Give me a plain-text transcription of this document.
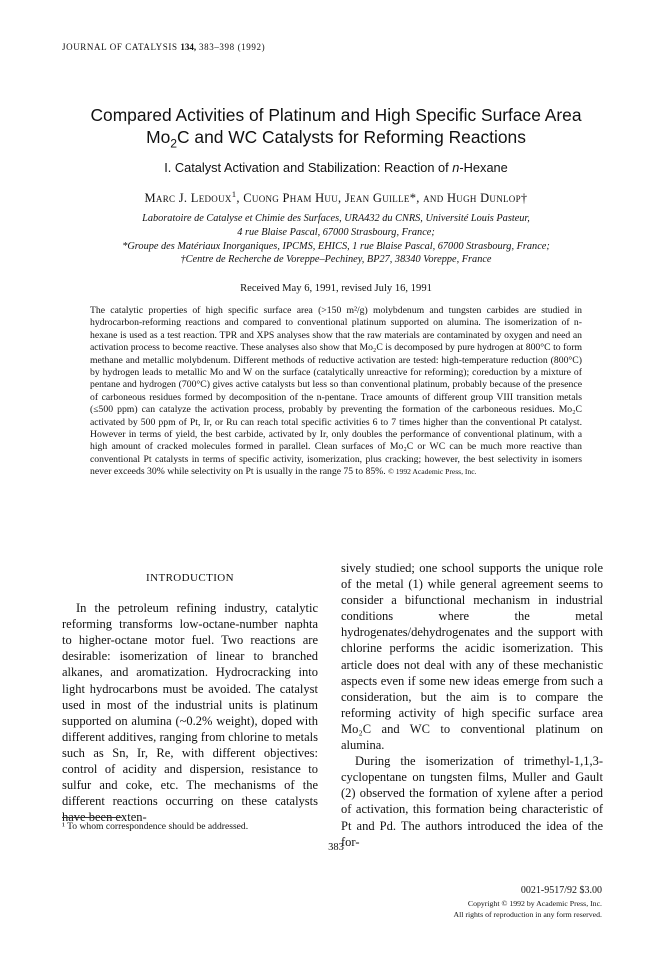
JOURNAL OF CATALYSIS 134, 383–398 (1992)
Compared Activities of Platinum and High Specific Surface Area
$Mo_2C$ and WC Catalysts for Reforming Reactions
I. Catalyst Activation and Stabilization: Reaction of n-Hexane
Marc J. Ledoux$^1$, Cuong Pham Huu, Jean Guille*, and Hugh Dunlop†
Laboratoire de Catalyse et Chimie des Surfaces, URA432 du CNRS, Université Louis Pasteur,
4 rue Blaise Pascal, 67000 Strasbourg, France;
*Groupe des Matériaux Inorganiques, IPCMS, EHICS, 1 rue Blaise Pascal, 67000 Strasbourg, France;
†Centre de Recherche de Voreppe–Pechiney, BP27, 38340 Voreppe, France
Received May 6, 1991, revised July 16, 1991
The catalytic properties of high specific surface area (>150 m²/g) molybdenum and tungsten carbides are studied in hydrocarbon-reforming reactions and compared to conventional platinum supported on alumina. The isomerization of n-hexane is used as a test reaction. TPR and XPS analyses show that the raw materials are contaminated by oxygen and need an activation process to become reactive. These analyses also show that Mo₂C is decomposed by pure hydrogen at 800°C to form methane and metallic molybdenum. Different methods of reductive activation are tested: high-temperature reduction (800°C) by hydrogen leads to metallic Mo and W on the surface (catalytically unreactive for reforming); coreduction by a mixture of pentane and hydrogen (700°C) gives active catalysts but less so than conventional platinum, probably because of the presence of carboneous residues formed by decomposition of the n-pentane. Trace amounts of different group VIII transition metals (≤500 ppm) can catalyze the activation process, probably by preventing the formation of the carboneous residues. Mo₂C activated by 500 ppm of Pt, Ir, or Ru can reach total specific activities 6 to 7 times higher than the conventional Pt catalyst. However in terms of yield, the best carbide, activated by Ir, only doubles the performance of conventional platinum, with a high amount of cracked molecules formed in parallel. Clean surfaces of Mo₂C or WC can be much more reactive than conventional Pt catalysts in terms of specific activity, isomerization, plus cracking; however, the best selectivity in isomers never exceeds 30% while selectivity on Pt is usually in the range 75 to 85%. © 1992 Academic Press, Inc.
INTRODUCTION

In the petroleum refining industry, catalytic reforming transforms low-octane-number naphta to higher-octane motor fuel. Two reactions are desirable: isomerization of linear to branched alkanes, and aromatization. Hydrocracking into light hydrocarbons must be avoided. The catalyst used in most of the industrial units is platinum supported on alumina (~0.2% weight), doped with different additives, ranging from chlorine to metals such as Sn, Ir, Re, with different objectives: control of acidity and dispersion, resistance to sulfur and coke, etc. The mechanisms of the different reactions occurring on these catalysts have been exten-

sively studied; one school supports the unique role of the metal (1) while general agreement seems to consider a bifunctional mechanism in industrial conditions where the metal hydrogenates/dehydrogenates and the support with chlorine performs the acidic isomerization. This article does not deal with any of these mechanistic aspects even if some new ideas emerge from such a consideration, but the aim is to compare the reforming activity of high specific surface area Mo₂C and WC to conventional platinum on alumina.

During the isomerization of trimethyl-1,1,3-cyclopentane on tungsten films, Muller and Gault (2) observed the formation of xylene after a period of activation, this formation being characteristic of Pt and Pd. The authors introduced the idea of the for-

¹ To whom correspondence should be addressed.
383
0021-9517/92 $3.00
Copyright © 1992 by Academic Press, Inc.
All rights of reproduction in any form reserved.
